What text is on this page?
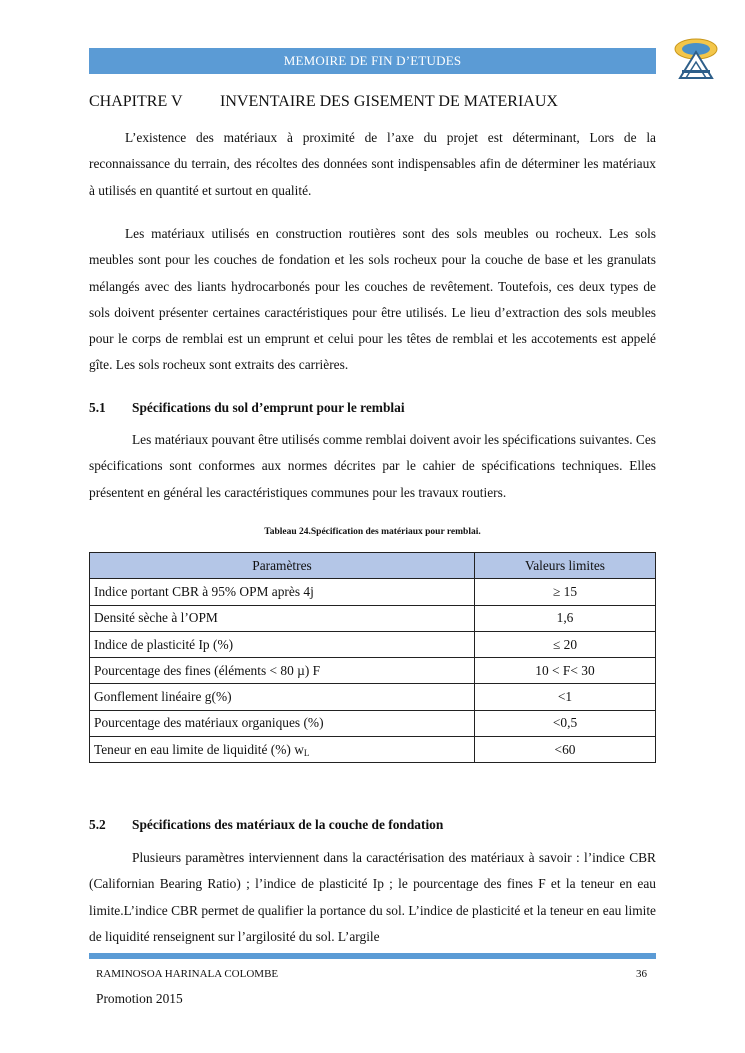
MEMOIRE DE FIN D’ETUDES
CHAPITRE V INVENTAIRE DES GISEMENT DE MATERIAUX

L’existence des matériaux à proximité de l’axe du projet est déterminant, Lors de la reconnaissance du terrain, des récoltes des données sont indispensables afin de déterminer les matériaux à utilisés en quantité et surtout en qualité.

Les matériaux utilisés en construction routières sont des sols meubles ou rocheux. Les sols meubles sont pour les couches de fondation et les sols rocheux pour la couche de base et les granulats mélangés avec des liants hydrocarbonés pour les couches de revêtement. Toutefois, ces deux types de sols doivent présenter certaines caractéristiques pour être utilisés. Le lieu d’extraction des sols meubles pour le corps de remblai est un emprunt et celui pour les têtes de remblai et les accotements est appelé gîte. Les sols rocheux sont extraits des carrières.

5.1 Spécifications du sol d’emprunt pour le remblai

Les matériaux pouvant être utilisés comme remblai doivent avoir les spécifications suivantes. Ces spécifications sont conformes aux normes décrites par le cahier de spécifications techniques. Elles présentent en général les caractéristiques communes pour les travaux routiers.

Tableau 24.Spécification des matériaux pour remblai.
Paramètres	Valeurs limites
Indice portant CBR à 95% OPM après 4j	≥ 15
Densité sèche à l’OPM	1,6
Indice de plasticité Ip (%)	≤ 20
Pourcentage des fines (éléments < 80 µ) F	10 < F< 30
Gonflement linéaire g(%)	<1
Pourcentage des matériaux organiques (%)	<0,5
Teneur en eau limite de liquidité (%) $w_L$	<60
5.2 Spécifications des matériaux de la couche de fondation

Plusieurs paramètres interviennent dans la caractérisation des matériaux à savoir : l’indice CBR (Californian Bearing Ratio) ; l’indice de plasticité Ip ; le pourcentage des fines F et la teneur en eau limite.L’indice CBR permet de qualifier la portance du sol. L’indice de plasticité et la teneur en eau limite de liquidité renseignent sur l’argilosité du sol. L’argile

RAMINOSOA HARINALA COLOMBE	36
Promotion 2015
